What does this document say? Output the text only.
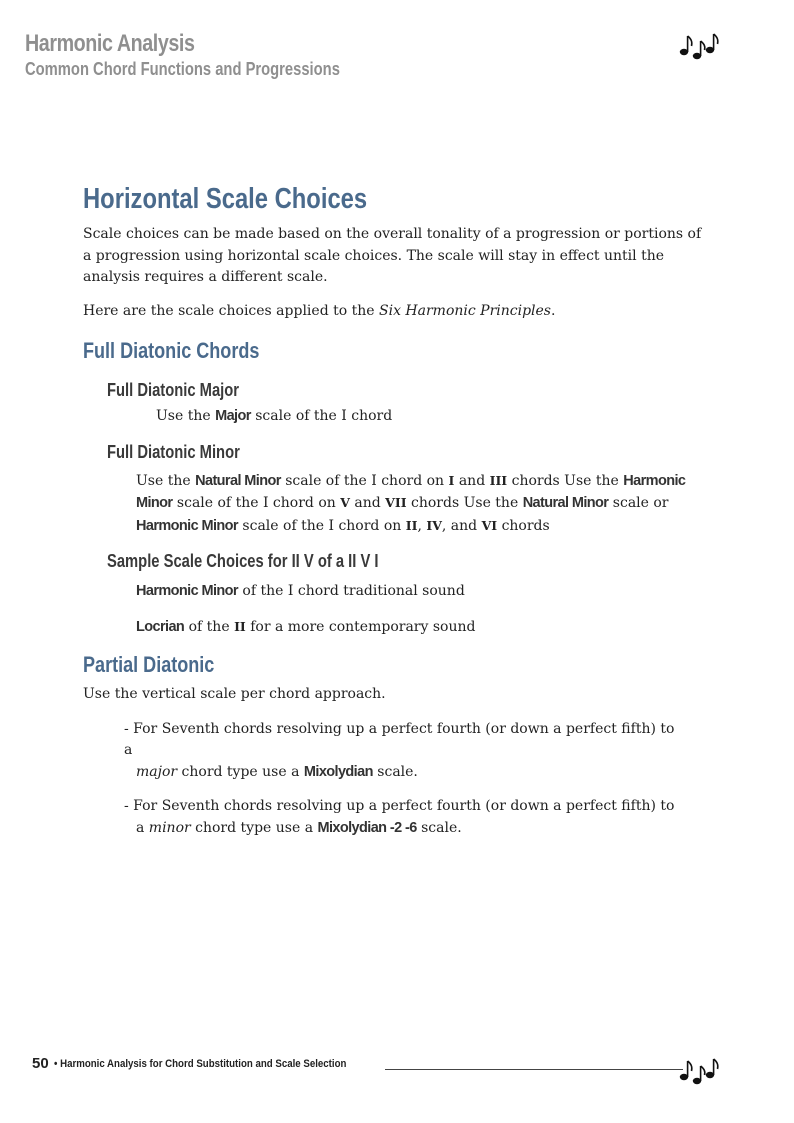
Harmonic Analysis
Common Chord Functions and Progressions
Horizontal Scale Choices

Scale choices can be made based on the overall tonality of a progression or portions of a progression using horizontal scale choices. The scale will stay in effect until the analysis requires a different scale.

Here are the scale choices applied to the Six Harmonic Principles.

Full Diatonic Chords
Full Diatonic Major

Use the Major scale of the I chord

Full Diatonic Minor

Use the Natural Minor scale of the I chord on I and III chords Use the Harmonic Minor scale of the I chord on V and VII chords Use the Natural Minor scale or Harmonic Minor scale of the I chord on II, IV, and VI chords

Sample Scale Choices for II V of a II V I

Harmonic Minor of the I chord traditional sound

Locrian of the II for a more contemporary sound

Partial Diatonic

Use the vertical scale per chord approach.

- For Seventh chords resolving up a perfect fourth (or down a perfect fifth) to a
major chord type use a Mixolydian scale.

- For Seventh chords resolving up a perfect fourth (or down a perfect fifth) to
a minor chord type use a Mixolydian -2 -6 scale.

50 • Harmonic Analysis for Chord Substitution and Scale Selection
